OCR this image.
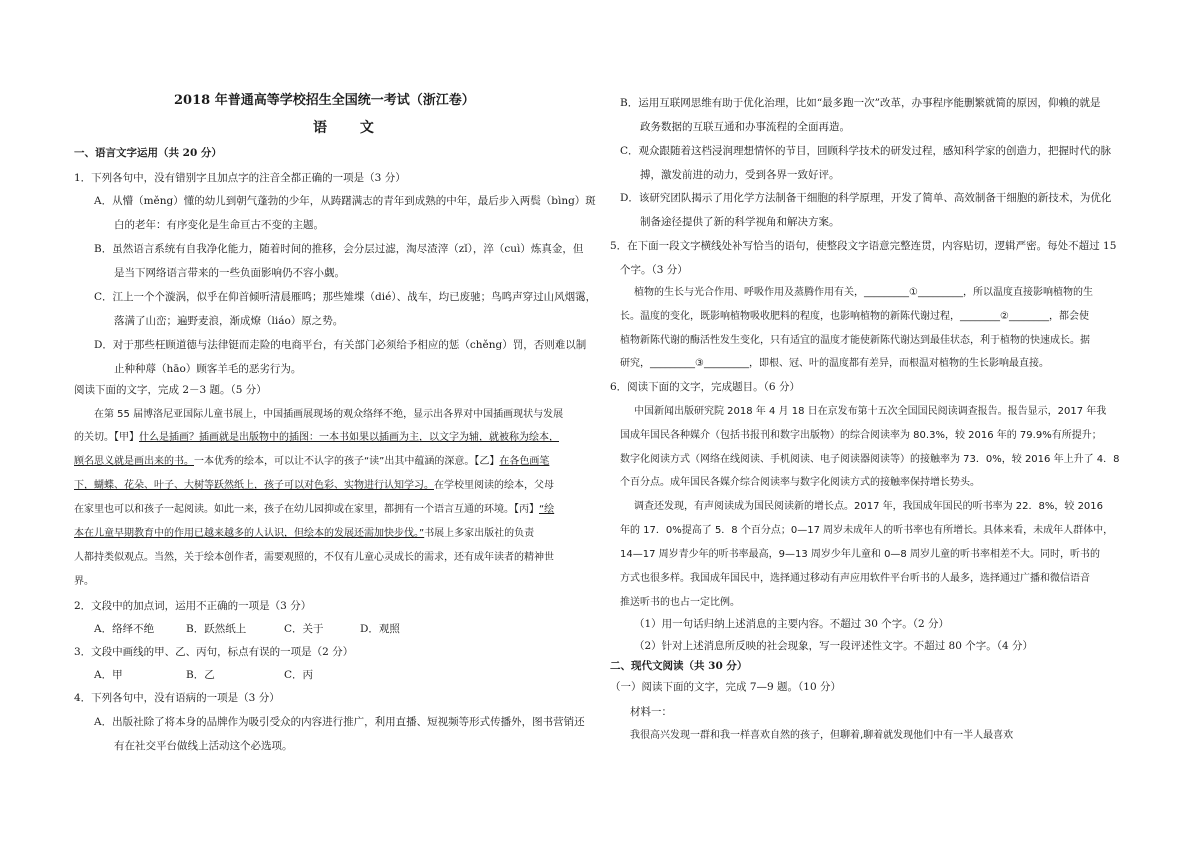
2018 年普通高等学校招生全国统一考试（浙江卷）
语 文
一、语言文字运用（共 20 分）
1．下列各句中，没有错别字且加点字的注音全都正确的一项是（3 分）
A．从懵（měng）懂的幼儿到朝气蓬勃的少年，从踌躇满志的青年到成熟的中年，最后步入两鬓（bìng）斑
白的老年：有序变化是生命亘古不变的主题。
B．虽然语言系统有自我净化能力，随着时间的推移，会分层过滤，淘尽渣滓（zǐ），淬（cuì）炼真金，但
是当下网络语言带来的一些负面影响仍不容小觑。
C．江上一个个漩涡，似乎在仰首倾听清晨雁鸣；那些雉堞（dié）、战车，均已废驰；鸟鸣声穿过山风烟霭，
落满了山峦；遍野麦浪，渐成燎（liáo）原之势。
D．对于那些枉顾道德与法律铤而走险的电商平台，有关部门必须给予相应的惩（chěng）罚，否则难以制
止种种蓐（hāo）顾客羊毛的恶劣行为。
阅读下面的文字，完成 2－3 题。（5 分）
在第 55 届博洛尼亚国际儿童书展上，中国插画展现场的观众络绎不绝，显示出各界对中国插画现状与发展
的关切。【甲】什么是插画？插画就是出版物中的插图：一本书如果以插画为主，以文字为辅，就被称为绘本，
顾名思义就是画出来的书。一本优秀的绘本，可以让不认字的孩子“读”出其中蕴涵的深意。【乙】在各色画笔
下，蝴蝶、花朵、叶子、大树等跃然纸上，孩子可以对色彩、实物进行认知学习。在学校里阅读的绘本，父母
在家里也可以和孩子一起阅读。如此一来，孩子在幼儿园抑或在家里，都拥有一个语言互通的环境。【丙】“绘
本在儿童早期教育中的作用已越来越多的人认识，但绘本的发展还需加快步伐。”书展上多家出版社的负责
人都持类似观点。当然，关于绘本创作者，需要观照的，不仅有儿童心灵成长的需求，还有成年读者的精神世
界。
2．文段中的加点词，运用不正确的一项是（3 分）
A．络绎不绝	B．跃然纸上	C．关于	D．观照
3．文段中画线的甲、乙、丙句，标点有误的一项是（2 分）
A．甲	B．乙	C．丙
4．下列各句中，没有语病的一项是（3 分）
A．出版社除了将本身的品牌作为吸引受众的内容进行推广，利用直播、短视频等形式传播外，图书营销还
有在社交平台做线上活动这个必选项。
B．运用互联网思维有助于优化治理，比如“最多跑一次”改革，办事程序能删繁就简的原因，仰赖的就是
政务数据的互联互通和办事流程的全面再造。
C．观众跟随着这档浸润理想情怀的节目，回顾科学技术的研发过程，感知科学家的创造力，把握时代的脉
搏，激发前进的动力，受到各界一致好评。
D．该研究团队揭示了用化学方法制备干细胞的科学原理，开发了简单、高效制备干细胞的新技术，为优化
制备途径提供了新的科学视角和解决方案。
5．在下面一段文字横线处补写恰当的语句，使整段文字语意完整连贯，内容贴切，逻辑严密。每处不超过 15
个字。（3 分）
植物的生长与光合作用、呼吸作用及蒸腾作用有关，_________①_________，所以温度直接影响植物的生
长。温度的变化，既影响植物吸收肥料的程度，也影响植物的新陈代谢过程，________②________，都会使
植物新陈代谢的酶活性发生变化，只有适宜的温度才能使新陈代谢达到最佳状态，利于植物的快速成长。据
研究，_________③_________，即根、冠、叶的温度都有差异，而根温对植物的生长影响最直接。
6．阅读下面的文字，完成题目。（6 分）
中国新闻出版研究院 2018 年 4 月 18 日在京发布第十五次全国国民阅读调查报告。报告显示，2017 年我
国成年国民各种媒介（包括书报刊和数字出版物）的综合阅读率为 80.3%，较 2016 年的 79.9%有所提升；
数字化阅读方式（网络在线阅读、手机阅读、电子阅读器阅读等）的接触率为 73．0%，较 2016 年上升了 4．8
个百分点。成年国民各媒介综合阅读率与数字化阅读方式的接触率保持增长势头。
调查还发现，有声阅读成为国民阅读新的增长点。2017 年，我国成年国民的听书率为 22．8%，较 2016
年的 17．0%提高了 5．8 个百分点；0—17 周岁未成年人的听书率也有所增长。具体来看，未成年人群体中，
14—17 周岁青少年的听书率最高，9—13 周岁少年儿童和 0—8 周岁儿童的听书率相差不大。同时，听书的
方式也很多样。我国成年国民中，选择通过移动有声应用软件平台听书的人最多，选择通过广播和微信语音
推送听书的也占一定比例。
（1）用一句话归纳上述消息的主要内容。不超过 30 个字。（2 分）
（2）针对上述消息所反映的社会现象，写一段评述性文字。不超过 80 个字。（4 分）
二、现代文阅读（共 30 分）
（一）阅读下面的文字，完成 7—9 题。（10 分）
材料一：
我很高兴发现一群和我一样喜欢自然的孩子，但聊着,聊着就发现他们中有一半人最喜欢
